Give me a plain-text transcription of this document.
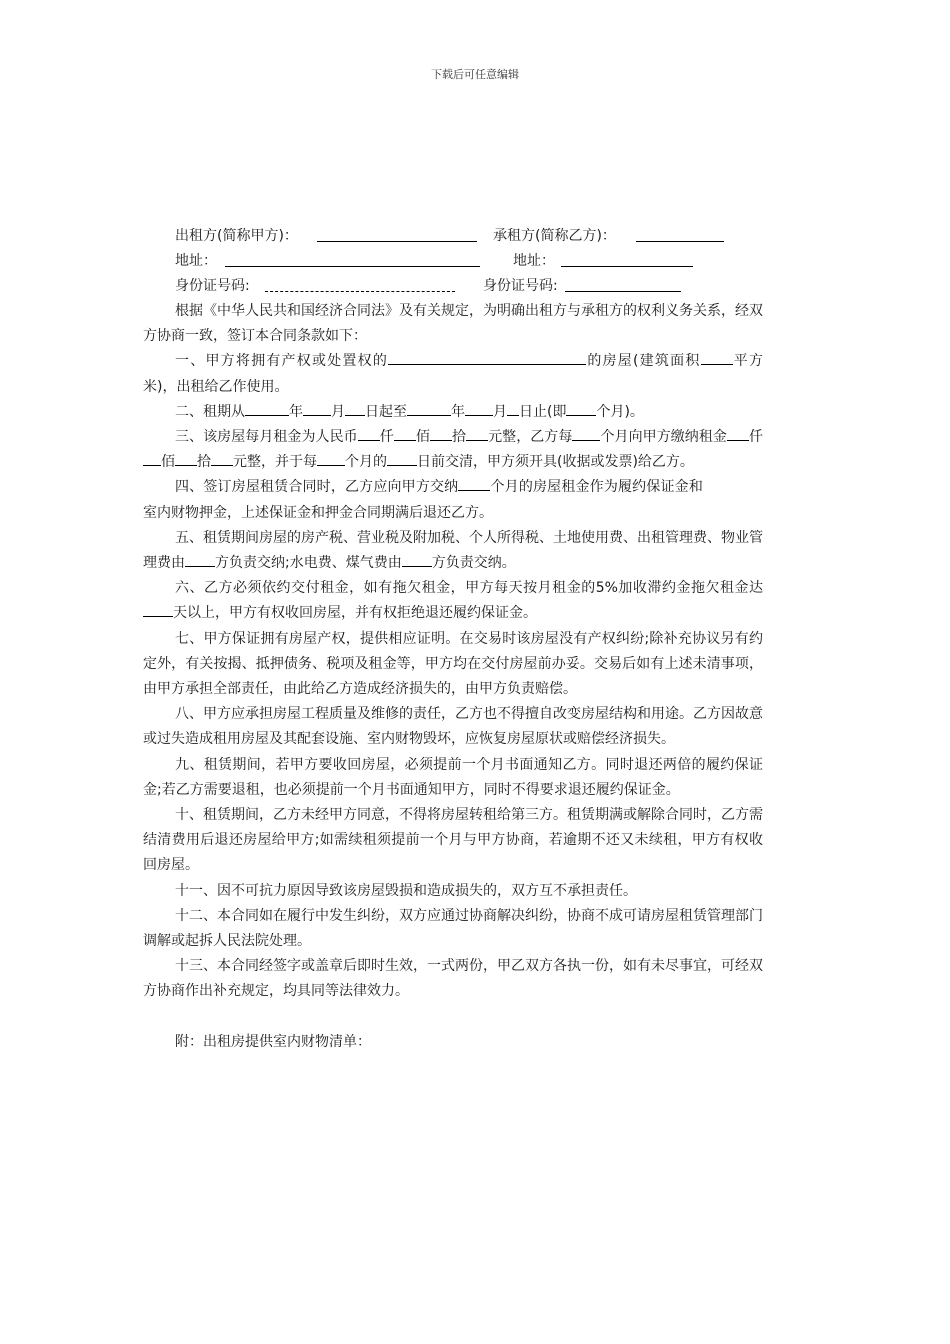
下载后可任意编辑
出租方(简称甲方)：	承租方(简称乙方)：
地址：	地址：
身份证号码:	身份证号码:

根据《中华人民共和国经济合同法》及有关规定，为明确出租方与承租方的权利义务关系，经双方协商一致，签订本合同条款如下：

一、甲方将拥有产权或处置权的	的房屋(建筑面积 平方米)，出租给乙作使用。

二、租期从	年 月 日起至	年 月 日止(即 个月)。

三、该房屋每月租金为人民币 仟 佰 拾 元整，乙方每 个月向甲方缴纳租金 仟佰 拾 元整，并于每 个月的 日前交清，甲方须开具(收据或发票)给乙方。

四、签订房屋租赁合同时，乙方应向甲方交纳 个月的房屋租金作为履约保证金和室内财物押金，上述保证金和押金合同期满后退还乙方。

五、租赁期间房屋的房产税、营业税及附加税、个人所得税、土地使用费、出租管理费、物业管理费由 方负责交纳;水电费、煤气费由 方负责交纳。

六、乙方必须依约交付租金，如有拖欠租金，甲方每天按月租金的5%加收滞约金拖欠租金达天以上，甲方有权收回房屋，并有权拒绝退还履约保证金。

七、甲方保证拥有房屋产权，提供相应证明。在交易时该房屋没有产权纠纷;除补充协议另有约定外，有关按揭、抵押债务、税项及租金等，甲方均在交付房屋前办妥。交易后如有上述未清事项，由甲方承担全部责任，由此给乙方造成经济损失的，由甲方负责赔偿。

八、甲方应承担房屋工程质量及维修的责任，乙方也不得擅自改变房屋结构和用途。乙方因故意或过失造成租用房屋及其配套设施、室内财物毁坏，应恢复房屋原状或赔偿经济损失。

九、租赁期间，若甲方要收回房屋，必须提前一个月书面通知乙方。同时退还两倍的履约保证金;若乙方需要退租，也必须提前一个月书面通知甲方，同时不得要求退还履约保证金。

十、租赁期间，乙方未经甲方同意，不得将房屋转租给第三方。租赁期满或解除合同时，乙方需结清费用后退还房屋给甲方;如需续租须提前一个月与甲方协商，若逾期不还又未续租，甲方有权收回房屋。

十一、因不可抗力原因导致该房屋毁损和造成损失的，双方互不承担责任。

十二、本合同如在履行中发生纠纷，双方应通过协商解决纠纷，协商不成可请房屋租赁管理部门调解或起拆人民法院处理。

十三、本合同经签字或盖章后即时生效，一式两份，甲乙双方各执一份，如有未尽事宜，可经双方协商作出补充规定，均具同等法律效力。

附：出租房提供室内财物清单：
